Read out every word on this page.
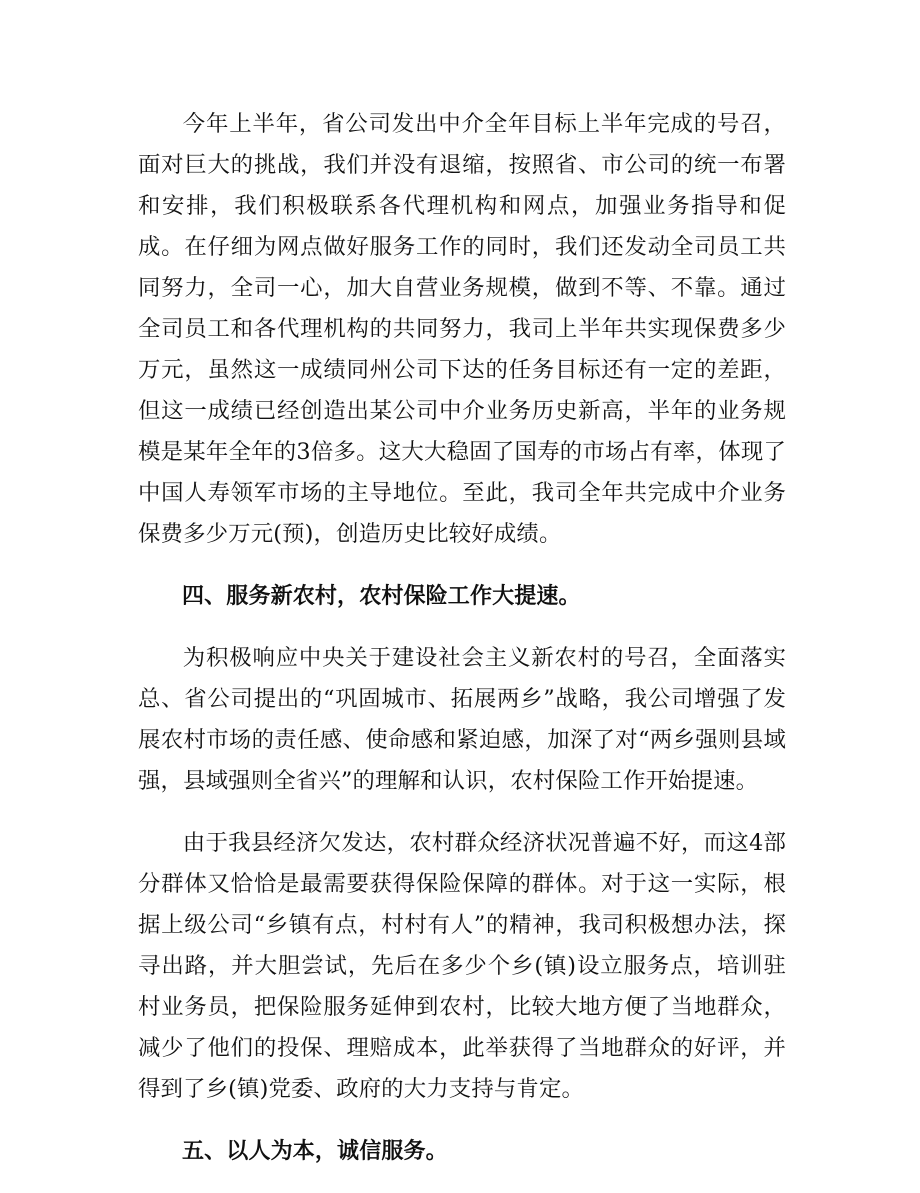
今年上半年，省公司发出中介全年目标上半年完成的号召，面对巨大的挑战，我们并没有退缩，按照省、市公司的统一布署和安排，我们积极联系各代理机构和网点，加强业务指导和促成。在仔细为网点做好服务工作的同时，我们还发动全司员工共同努力，全司一心，加大自营业务规模，做到不等、不靠。通过全司员工和各代理机构的共同努力，我司上半年共实现保费多少万元，虽然这一成绩同州公司下达的任务目标还有一定的差距，但这一成绩已经创造出某公司中介业务历史新高，半年的业务规模是某年全年的3倍多。这大大稳固了国寿的市场占有率，体现了中国人寿领军市场的主导地位。至此，我司全年共完成中介业务保费多少万元(预)，创造历史比较好成绩。

四、服务新农村，农村保险工作大提速。

为积极响应中央关于建设社会主义新农村的号召，全面落实总、省公司提出的“巩固城市、拓展两乡”战略，我公司增强了发展农村市场的责任感、使命感和紧迫感，加深了对“两乡强则县域强，县域强则全省兴”的理解和认识，农村保险工作开始提速。

由于我县经济欠发达，农村群众经济状况普遍不好，而这4部分群体又恰恰是最需要获得保险保障的群体。对于这一实际，根据上级公司“乡镇有点，村村有人”的精神，我司积极想办法，探寻出路，并大胆尝试，先后在多少个乡(镇)设立服务点，培训驻村业务员，把保险服务延伸到农村，比较大地方便了当地群众，减少了他们的投保、理赔成本，此举获得了当地群众的好评，并得到了乡(镇)党委、政府的大力支持与肯定。

五、以人为本，诚信服务。
